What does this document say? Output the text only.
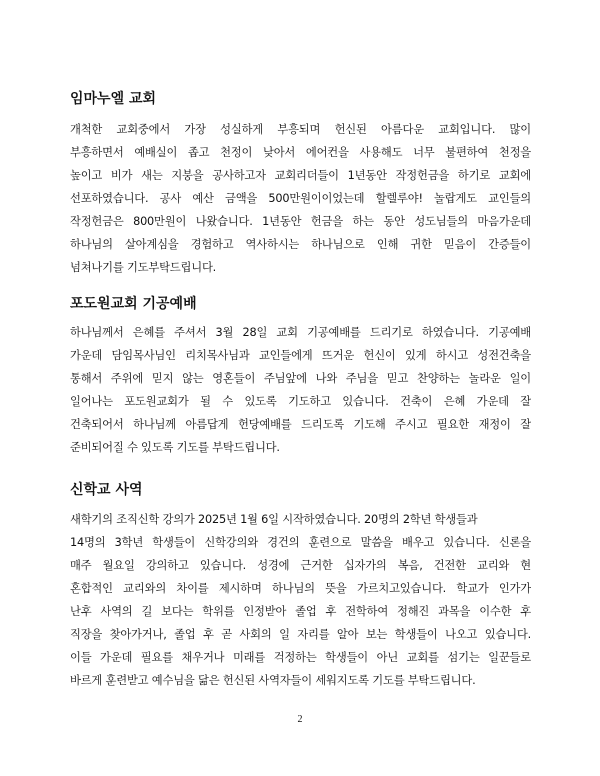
임마누엘 교회
개척한 교회중에서 가장 성실하게 부흥되며 헌신된 아름다운 교회입니다. 많이
부흥하면서 예배실이 좁고 천정이 낮아서 에어컨을 사용해도 너무 불편하여 천정을
높이고 비가 새는 지붕을 공사하고자 교회리더들이 1년동안 작정헌금을 하기로 교회에
선포하였습니다. 공사 예산 금액을 500만원이이었는데 할렐루야! 놀랍게도 교인들의
작정헌금은 800만원이 나왔습니다. 1년동안 헌금을 하는 동안 성도님들의 마음가운데
하나님의 살아계심을 경험하고 역사하시는 하나님으로 인해 귀한 믿음이 간증들이
넘쳐나기를 기도부탁드립니다.
포도원교회 기공예배
하나님께서 은혜를 주셔서 3월 28일 교회 기공예배를 드리기로 하였습니다. 기공예배
가운데 담임목사님인 리치목사님과 교인들에게 뜨거운 헌신이 있게 하시고 성전건축을
통해서 주위에 믿지 않는 영혼들이 주님앞에 나와 주님을 믿고 찬양하는 놀라운 일이
일어나는 포도원교회가 될 수 있도록 기도하고 있습니다. 건축이 은혜 가운데 잘
건축되어서 하나님께 아름답게 헌당예배를 드리도록 기도해 주시고 필요한 재정이 잘
준비되어질 수 있도록 기도를 부탁드립니다.
신학교 사역
새학기의 조직신학 강의가 2025년 1월 6일 시작하였습니다. 20명의 2학년 학생들과
14명의 3학년 학생들이 신학강의와 경건의 훈련으로 말씀을 배우고 있습니다. 신론을
매주 월요일 강의하고 있습니다. 성경에 근거한 십자가의 복음, 건전한 교리와 현
혼합적인 교리와의 차이를 제시하며 하나님의 뜻을 가르치고있습니다. 학교가 인가가
난후 사역의 길 보다는 학위를 인정받아 졸업 후 전학하여 정해진 과목을 이수한 후
직장을 찾아가거나, 졸업 후 곧 사회의 일 자리를 알아 보는 학생들이 나오고 있습니다.
이들 가운데 필요를 채우거나 미래를 걱정하는 학생들이 아닌 교회를 섬기는 일꾼들로
바르게 훈련받고 예수님을 닮은 헌신된 사역자들이 세워지도록 기도를 부탁드립니다.
2
